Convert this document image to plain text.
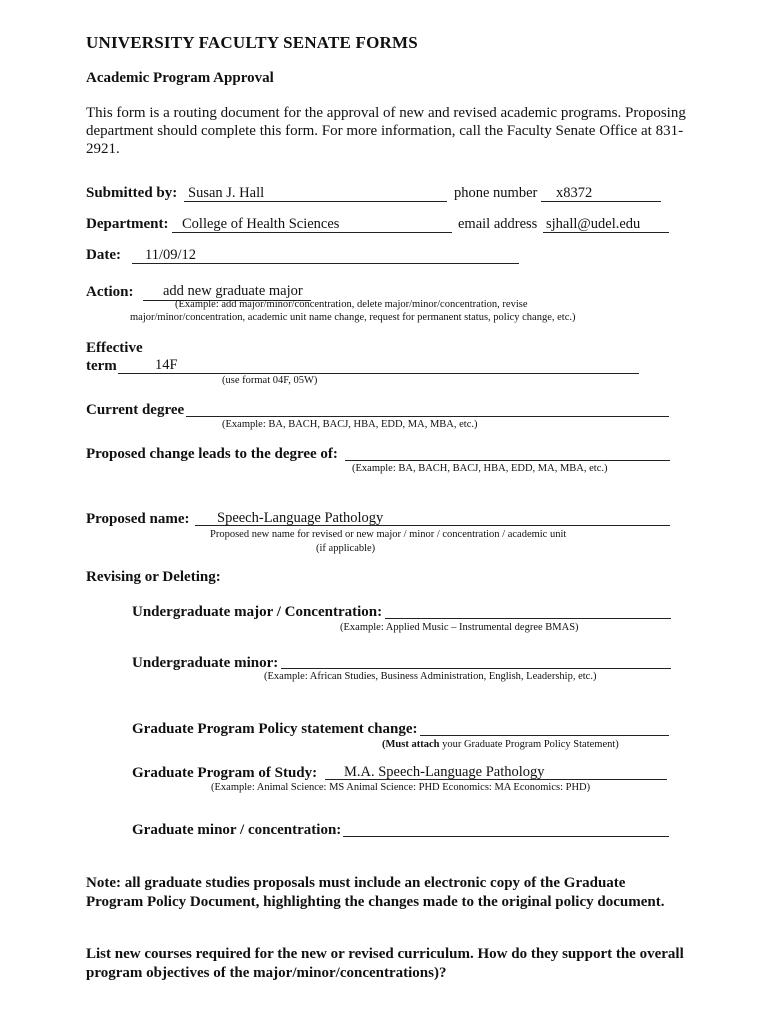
UNIVERSITY FACULTY SENATE FORMS
Academic Program Approval
This form is a routing document for the approval of new and revised academic programs. Proposing department should complete this form. For more information, call the Faculty Senate Office at 831-2921.
Submitted by: Susan J. Hall	phone number x8372
Department: College of Health Sciences	email address sjhall@udel.edu
Date: 11/09/12
Action: add new graduate major
(Example: add major/minor/concentration, delete major/minor/concentration, revise
major/minor/concentration, academic unit name change, request for permanent status, policy change, etc.)
Effective
term	14F
(use format 04F, 05W)
Current degree
(Example: BA, BACH, BACJ, HBA, EDD, MA, MBA, etc.)
Proposed change leads to the degree of:
(Example: BA, BACH, BACJ, HBA, EDD, MA, MBA, etc.)
Proposed name: Speech-Language Pathology
Proposed new name for revised or new major / minor / concentration / academic unit
(if applicable)
Revising or Deleting:
Undergraduate major / Concentration:
(Example: Applied Music – Instrumental degree BMAS)
Undergraduate minor:
(Example: African Studies, Business Administration, English, Leadership, etc.)
Graduate Program Policy statement change:
(Must attach your Graduate Program Policy Statement)
Graduate Program of Study: M.A. Speech-Language Pathology
(Example: Animal Science: MS Animal Science: PHD Economics: MA Economics: PHD)
Graduate minor / concentration:
Note: all graduate studies proposals must include an electronic copy of the Graduate Program Policy Document, highlighting the changes made to the original policy document.
List new courses required for the new or revised curriculum. How do they support the overall program objectives of the major/minor/concentrations)?
